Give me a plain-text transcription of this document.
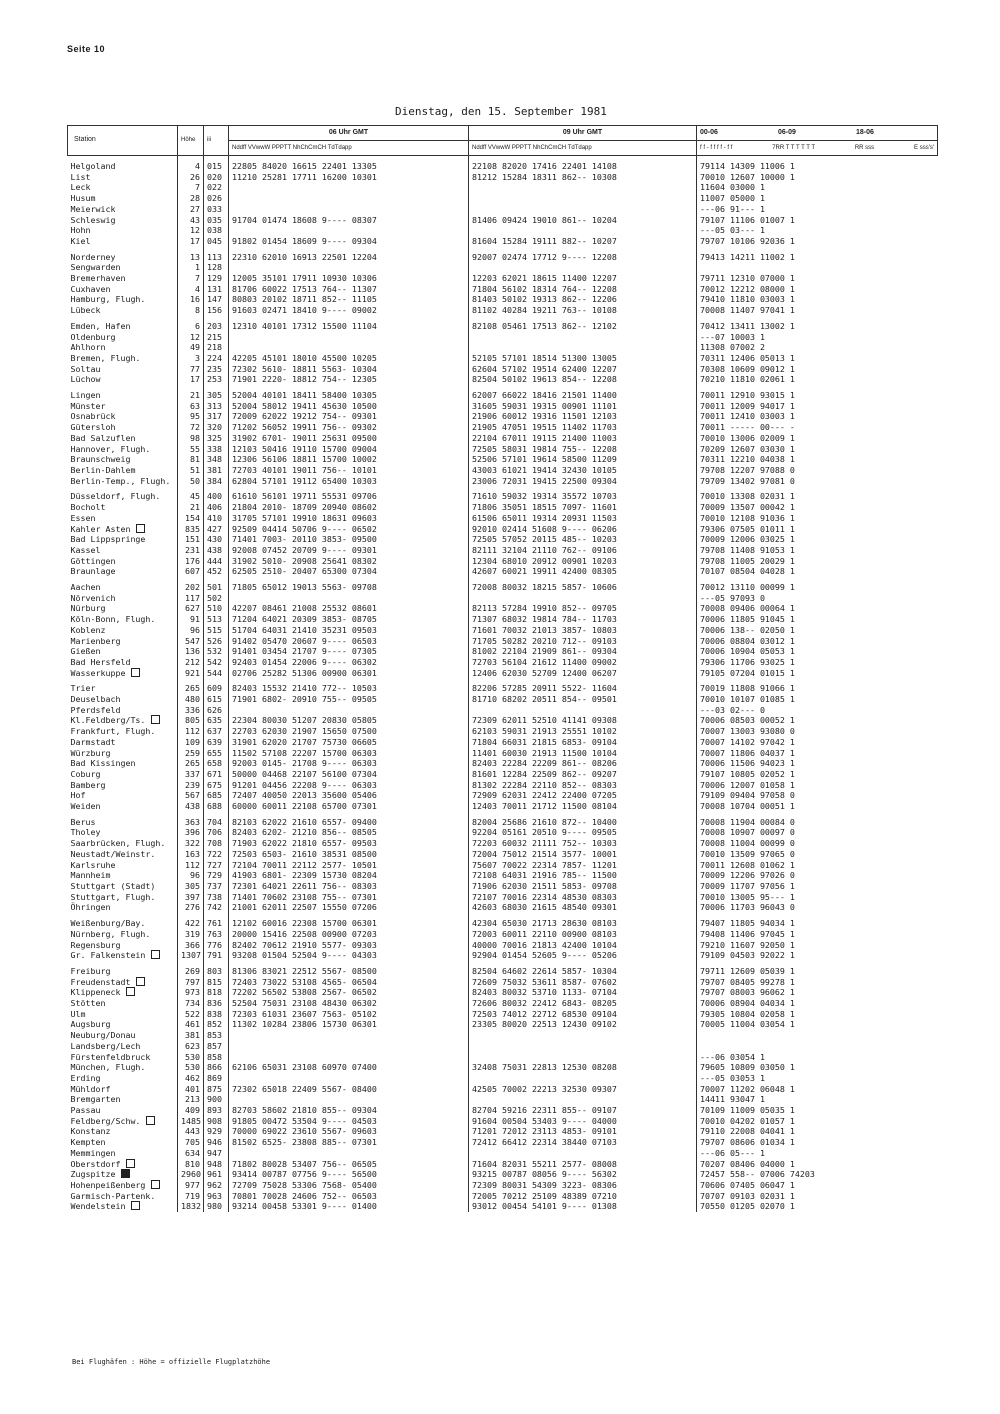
Seite 10
Dienstag, den 15. September 1981
Station	Höhe	iii	06 Uhr GMT	09 Uhr GMT	00-06 06-09 18-06

			Nddff VVwwW PPPTT NhChCmCH TdTdapp	Nddff VVwwW PPPTT NhChCmCH TdTdapp	f f - f f f f - f f 7RR T T T T T T RR sss E sss's'

Helgoland	4	015	22805 84020 16615 22401 13305	22108 82020 17416 22401 14108	79114 14309 11006 1
List	26	020	11210 25281 17711 16200 10301	81212 15284 18311 862-- 10308	70010 12607 10000 1
Leck	7	022			11604 03000 1
Husum	28	026			11007 05000 1
Meierwick	27	033			---06 91--- 1
Schleswig	43	035	91704 01474 18608 9---- 08307	81406 09424 19010 861-- 10204	79107 11106 01007 1
Hohn	12	038			---05 03--- 1
Kiel	17	045	91802 01454 18609 9---- 09304	81604 15284 19111 882-- 10207	79707 10106 92036 1
Norderney	13	113	22310 62010 16913 22501 12204	92007 02474 17712 9---- 12208	79413 14211 11002 1
Sengwarden	1	128			
Bremerhaven	7	129	12005 35101 17911 10930 10306	12203 62021 18615 11400 12207	79711 12310 07000 1
Cuxhaven	4	131	81706 60022 17513 764-- 11307	71804 56102 18314 764-- 12208	70012 12212 08000 1
Hamburg, Flugh.	16	147	80803 20102 18711 852-- 11105	81403 50102 19313 862-- 12206	79410 11810 03003 1
Lübeck	8	156	91603 02471 18410 9---- 09002	81102 40284 19211 763-- 10108	70008 11407 97041 1
Emden, Hafen	6	203	12310 40101 17312 15500 11104	82108 05461 17513 862-- 12102	70412 13411 13002 1
Oldenburg	12	215			---07 10003 1
Ahlhorn	49	218			11308 07002 2
Bremen, Flugh.	3	224	42205 45101 18010 45500 10205	52105 57101 18514 51300 13005	70311 12406 05013 1
Soltau	77	235	72302 5610- 18811 5563- 10304	62604 57102 19514 62400 12207	70308 10609 09012 1
Lüchow	17	253	71901 2220- 18812 754-- 12305	82504 50102 19613 854-- 12208	70210 11810 02061 1
Lingen	21	305	52004 40101 18411 58400 10305	62007 66022 18416 21501 11400	70011 12910 93015 1
Münster	63	313	52004 58012 19411 45630 10500	31605 59031 19315 00901 11101	70011 12009 94017 1
Osnabrück	95	317	72009 62022 19212 754-- 09301	21906 60012 19316 11501 12103	70011 12410 03003 1
Gütersloh	72	320	71202 56052 19911 756-- 09302	21905 47051 19515 11402 11703	70011 ----- 00--- -
Bad Salzuflen	98	325	31902 6701- 19011 25631 09500	22104 67011 19115 21400 11003	70010 13006 02009 1
Hannover, Flugh.	55	338	12103 50416 19110 15700 09004	72505 58031 19814 755-- 12208	70209 12607 03030 1
Braunschweig	81	348	12306 56106 18811 15700 10002	52506 57101 19614 58500 11209	70311 12210 04038 1
Berlin-Dahlem	51	381	72703 40101 19011 756-- 10101	43003 61021 19414 32430 10105	79708 12207 97088 0
Berlin-Temp., Flugh.	50	384	62804 57101 19112 65400 10303	23006 72031 19415 22500 09304	79709 13402 97081 0
Düsseldorf, Flugh.	45	400	61610 56101 19711 55531 09706	71610 59032 19314 35572 10703	70010 13308 02031 1
Bocholt	21	406	21804 2010- 18709 20940 08602	71806 35051 18515 7097- 11601	70009 13507 00042 1
Essen	154	410	31705 57101 19910 18631 09603	61506 65011 19314 20931 11503	70010 12108 91036 1
Kahler Asten	835	427	92509 04414 50706 9---- 06502	92010 02414 51608 9---- 06206	79306 07505 01011 1
Bad Lippspringe	151	430	71401 7003- 20110 3853- 09500	72505 57052 20115 485-- 10203	70009 12006 03025 1
Kassel	231	438	92008 07452 20709 9---- 09301	82111 32104 21110 762-- 09106	79708 11408 91053 1
Göttingen	176	444	31902 5010- 20908 25641 08302	12304 68010 20912 00901 10203	79708 11005 20029 1
Braunlage	607	452	62505 2510- 20407 65300 07304	42607 60021 19911 42400 08305	70107 08504 04028 1
Aachen	202	501	71805 65012 19013 5563- 09708	72008 80032 18215 5857- 10606	70012 13110 00099 1
Nörvenich	117	502			---05 97093 0
Nürburg	627	510	42207 08461 21008 25532 08601	82113 57284 19910 852-- 09705	70008 09406 00064 1
Köln-Bonn, Flugh.	91	513	71204 64021 20309 3853- 08705	71307 68032 19814 784-- 11703	70006 11805 91045 1
Koblenz	96	515	51704 64031 21410 35231 09503	71601 70032 21013 3857- 10803	70006 138-- 02050 1
Marienberg	547	526	91402 05470 20607 9---- 06503	71705 50282 20210 712-- 09103	70006 08804 03012 1
Gießen	136	532	91401 03454 21707 9---- 07305	81002 22104 21909 861-- 09304	70006 10904 05053 1
Bad Hersfeld	212	542	92403 01454 22006 9---- 06302	72703 56104 21612 11400 09002	79306 11706 93025 1
Wasserkuppe	921	544	02706 25282 51306 00900 06301	12406 62030 52709 12400 06207	79105 07204 01015 1
Trier	265	609	82403 15532 21410 772-- 10503	82206 57285 20911 5522- 11604	70019 11808 91066 1
Deuselbach	480	615	71901 6802- 20910 755-- 09505	81710 68202 20511 854-- 09501	70010 10107 01085 1
Pferdsfeld	336	626			---03 02--- 0
Kl.Feldberg/Ts.	805	635	22304 80030 51207 20830 05805	72309 62011 52510 41141 09308	70006 08503 00052 1
Frankfurt, Flugh.	112	637	22703 62030 21907 15650 07500	62103 59031 21913 25551 10102	70007 13003 93080 0
Darmstadt	109	639	31901 62020 21707 75730 06605	71804 66031 21815 6853- 09104	70007 14102 97042 1
Würzburg	259	655	11502 57108 22207 15700 06303	11401 60030 21913 11500 10104	70007 11806 04037 1
Bad Kissingen	265	658	92003 0145- 21708 9---- 06303	82403 22284 22209 861-- 08206	70006 11506 94023 1
Coburg	337	671	50000 04468 22107 56100 07304	81601 12284 22509 862-- 09207	79107 10805 02052 1
Bamberg	239	675	91201 04456 22208 9---- 06303	81302 22284 22110 852-- 08303	70006 12007 01058 1
Hof	567	685	72407 40050 22013 35600 05406	72909 62031 22412 22400 07205	79109 09404 97058 0
Weiden	438	688	60000 60011 22108 65700 07301	12403 70011 21712 11500 08104	70008 10704 00051 1
Berus	363	704	82103 62022 21610 6557- 09400	82004 25686 21610 872-- 10400	70008 11904 00084 0
Tholey	396	706	82403 6202- 21210 856-- 08505	92204 05161 20510 9---- 09505	70008 10907 00097 0
Saarbrücken, Flugh.	322	708	71903 62022 21810 6557- 09503	72203 60032 21111 752-- 10303	70008 11004 00099 0
Neustadt/Weinstr.	163	722	72503 6503- 21610 38531 08500	72004 75012 21514 3577- 10001	70010 13509 97065 0
Karlsruhe	112	727	72104 70011 22112 2577- 10501	75607 70022 22314 7857- 11201	70011 12608 01062 1
Mannheim	96	729	41903 6801- 22309 15730 08204	72108 64031 21916 785-- 11500	70009 12206 97026 0
Stuttgart (Stadt)	305	737	72301 64021 22611 756-- 08303	71906 62030 21511 5853- 09708	70009 11707 97056 1
Stuttgart, Flugh.	397	738	71401 70602 23108 755-- 07301	72107 70016 22314 48530 08303	70010 13005 95--- 1
Öhringen	276	742	21001 62011 22507 15550 07206	42603 68030 21615 48540 09301	70006 11703 96043 0
Weißenburg/Bay.	422	761	12102 60016 22308 15700 06301	42304 65030 21713 28630 08103	79407 11805 94034 1
Nürnberg, Flugh.	319	763	20000 15416 22508 00900 07203	72003 60011 22110 00900 08103	79408 11406 97045 1
Regensburg	366	776	82402 70612 21910 5577- 09303	40000 70016 21813 42400 10104	79210 11607 92050 1
Gr. Falkenstein	1307	791	93208 01504 52504 9---- 04303	92904 01454 52605 9---- 05206	79109 04503 92022 1
Freiburg	269	803	81306 83021 22512 5567- 08500	82504 64602 22614 5857- 10304	79711 12609 05039 1
Freudenstadt	797	815	72403 73022 53108 4565- 06504	72609 75032 53611 8587- 07602	79707 08405 99278 1
Klippeneck	973	818	72202 56502 53808 2567- 06502	82403 80032 53710 1133- 07104	79707 08003 96062 1
Stötten	734	836	52504 75031 23108 48430 06302	72606 80032 22412 6843- 08205	70006 08904 04034 1
Ulm	522	838	72303 61031 23607 7563- 05102	72503 74012 22712 68530 09104	79305 10804 02058 1
Augsburg	461	852	11302 10284 23806 15730 06301	23305 80020 22513 12430 09102	70005 11004 03054 1
Neuburg/Donau	381	853			
Landsberg/Lech	623	857			
Fürstenfeldbruck	530	858			---06 03054 1
München, Flugh.	530	866	62106 65031 23108 60970 07400	32408 75031 22813 12530 08208	79605 10809 03050 1
Erding	462	869			---05 03053 1
Mühldorf	401	875	72302 65018 22409 5567- 08400	42505 70002 22213 32530 09307	70007 11202 06048 1
Bremgarten	213	900			14411 93047 1
Passau	409	893	82703 58602 21810 855-- 09304	82704 59216 22311 855-- 09107	70109 11009 05035 1
Feldberg/Schw.	1485	908	91805 00472 53504 9---- 04503	91604 00504 53403 9---- 04000	70010 04202 01057 1
Konstanz	443	929	70000 69022 23610 5567- 09603	71201 72012 23113 4853- 09101	79110 22008 04041 1
Kempten	705	946	81502 6525- 23808 885-- 07301	72412 66412 22314 38440 07103	79707 08606 01034 1
Memmingen	634	947			---06 05--- 1
Oberstdorf	810	948	71802 80028 53407 756-- 06505	71604 82031 55211 2577- 08008	70207 08406 04000 1
Zugspitze	2960	961	93414 00787 07756 9---- 56500	93215 00787 08056 9---- 56302	72457 558-- 07006 74203
Hohenpeißenberg	977	962	72709 75028 53306 7568- 05400	72309 80031 54309 3223- 08306	70606 07405 06047 1
Garmisch-Partenk.	719	963	70801 70028 24606 752-- 06503	72005 70212 25109 48389 07210	70707 09103 02031 1
Wendelstein	1832	980	93214 00458 53301 9---- 01400	93012 00454 54101 9---- 01308	70550 01205 02070 1
Bei Flughäfen : Höhe = offizielle Flugplatzhöhe
